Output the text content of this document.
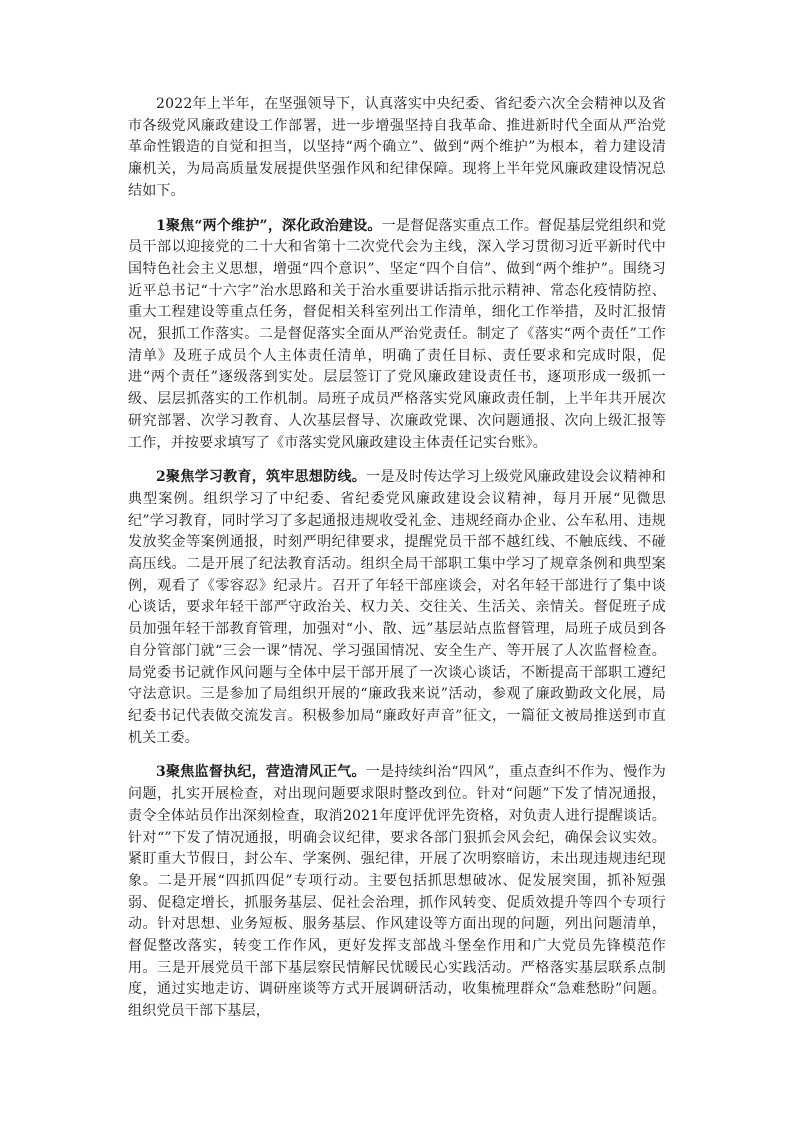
2022年上半年，在坚强领导下，认真落实中央纪委、省纪委六次全会精神以及省市各级党风廉政建设工作部署，进一步增强坚持自我革命、推进新时代全面从严治党革命性锻造的自觉和担当，以坚持“两个确立”、做到“两个维护”为根本，着力建设清廉机关，为局高质量发展提供坚强作风和纪律保障。现将上半年党风廉政建设情况总结如下。

1聚焦“两个维护”，深化政治建设。一是督促落实重点工作。督促基层党组织和党员干部以迎接党的二十大和省第十二次党代会为主线，深入学习贯彻习近平新时代中国特色社会主义思想，增强“四个意识”、坚定“四个自信”、做到“两个维护”。围绕习近平总书记“十六字”治水思路和关于治水重要讲话指示批示精神、常态化疫情防控、重大工程建设等重点任务，督促相关科室列出工作清单，细化工作举措，及时汇报情况，狠抓工作落实。二是督促落实全面从严治党责任。制定了《落实“两个责任”工作清单》及班子成员个人主体责任清单，明确了责任目标、责任要求和完成时限，促进“两个责任”逐级落到实处。层层签订了党风廉政建设责任书，逐项形成一级抓一级、层层抓落实的工作机制。局班子成员严格落实党风廉政责任制，上半年共开展次研究部署、次学习教育、人次基层督导、次廉政党课、次问题通报、次向上级汇报等工作，并按要求填写了《市落实党风廉政建设主体责任记实台账》。

2聚焦学习教育，筑牢思想防线。一是及时传达学习上级党风廉政建设会议精神和典型案例。组织学习了中纪委、省纪委党风廉政建设会议精神，每月开展“见微思纪”学习教育，同时学习了多起通报违规收受礼金、违规经商办企业、公车私用、违规发放奖金等案例通报，时刻严明纪律要求，提醒党员干部不越红线、不触底线、不碰高压线。二是开展了纪法教育活动。组织全局干部职工集中学习了规章条例和典型案例，观看了《零容忍》纪录片。召开了年轻干部座谈会，对名年轻干部进行了集中谈心谈话，要求年轻干部严守政治关、权力关、交往关、生活关、亲情关。督促班子成员加强年轻干部教育管理，加强对“小、散、远”基层站点监督管理，局班子成员到各自分管部门就“三会一课”情况、学习强国情况、安全生产、等开展了人次监督检查。局党委书记就作风问题与全体中层干部开展了一次谈心谈话，不断提高干部职工遵纪守法意识。三是参加了局组织开展的“廉政我来说”活动，参观了廉政勤政文化展，局纪委书记代表做交流发言。积极参加局“廉政好声音”征文，一篇征文被局推送到市直机关工委。

3聚焦监督执纪，营造清风正气。一是持续纠治“四风”，重点查纠不作为、慢作为问题，扎实开展检查，对出现问题要求限时整改到位。针对“问题”下发了情况通报，责令全体站员作出深刻检查，取消2021年度评优评先资格，对负责人进行提醒谈话。针对“”下发了情况通报，明确会议纪律，要求各部门狠抓会风会纪，确保会议实效。紧盯重大节假日，封公车、学案例、强纪律，开展了次明察暗访，未出现违规违纪现象。二是开展“四抓四促”专项行动。主要包括抓思想破冰、促发展突围，抓补短强弱、促稳定增长，抓服务基层、促社会治理，抓作风转变、促质效提升等四个专项行动。针对思想、业务短板、服务基层、作风建设等方面出现的问题，列出问题清单，督促整改落实，转变工作作风，更好发挥支部战斗堡垒作用和广大党员先锋模范作用。三是开展党员干部下基层察民情解民忧暖民心实践活动。严格落实基层联系点制度，通过实地走访、调研座谈等方式开展调研活动，收集梳理群众“急难愁盼”问题。组织党员干部下基层，
